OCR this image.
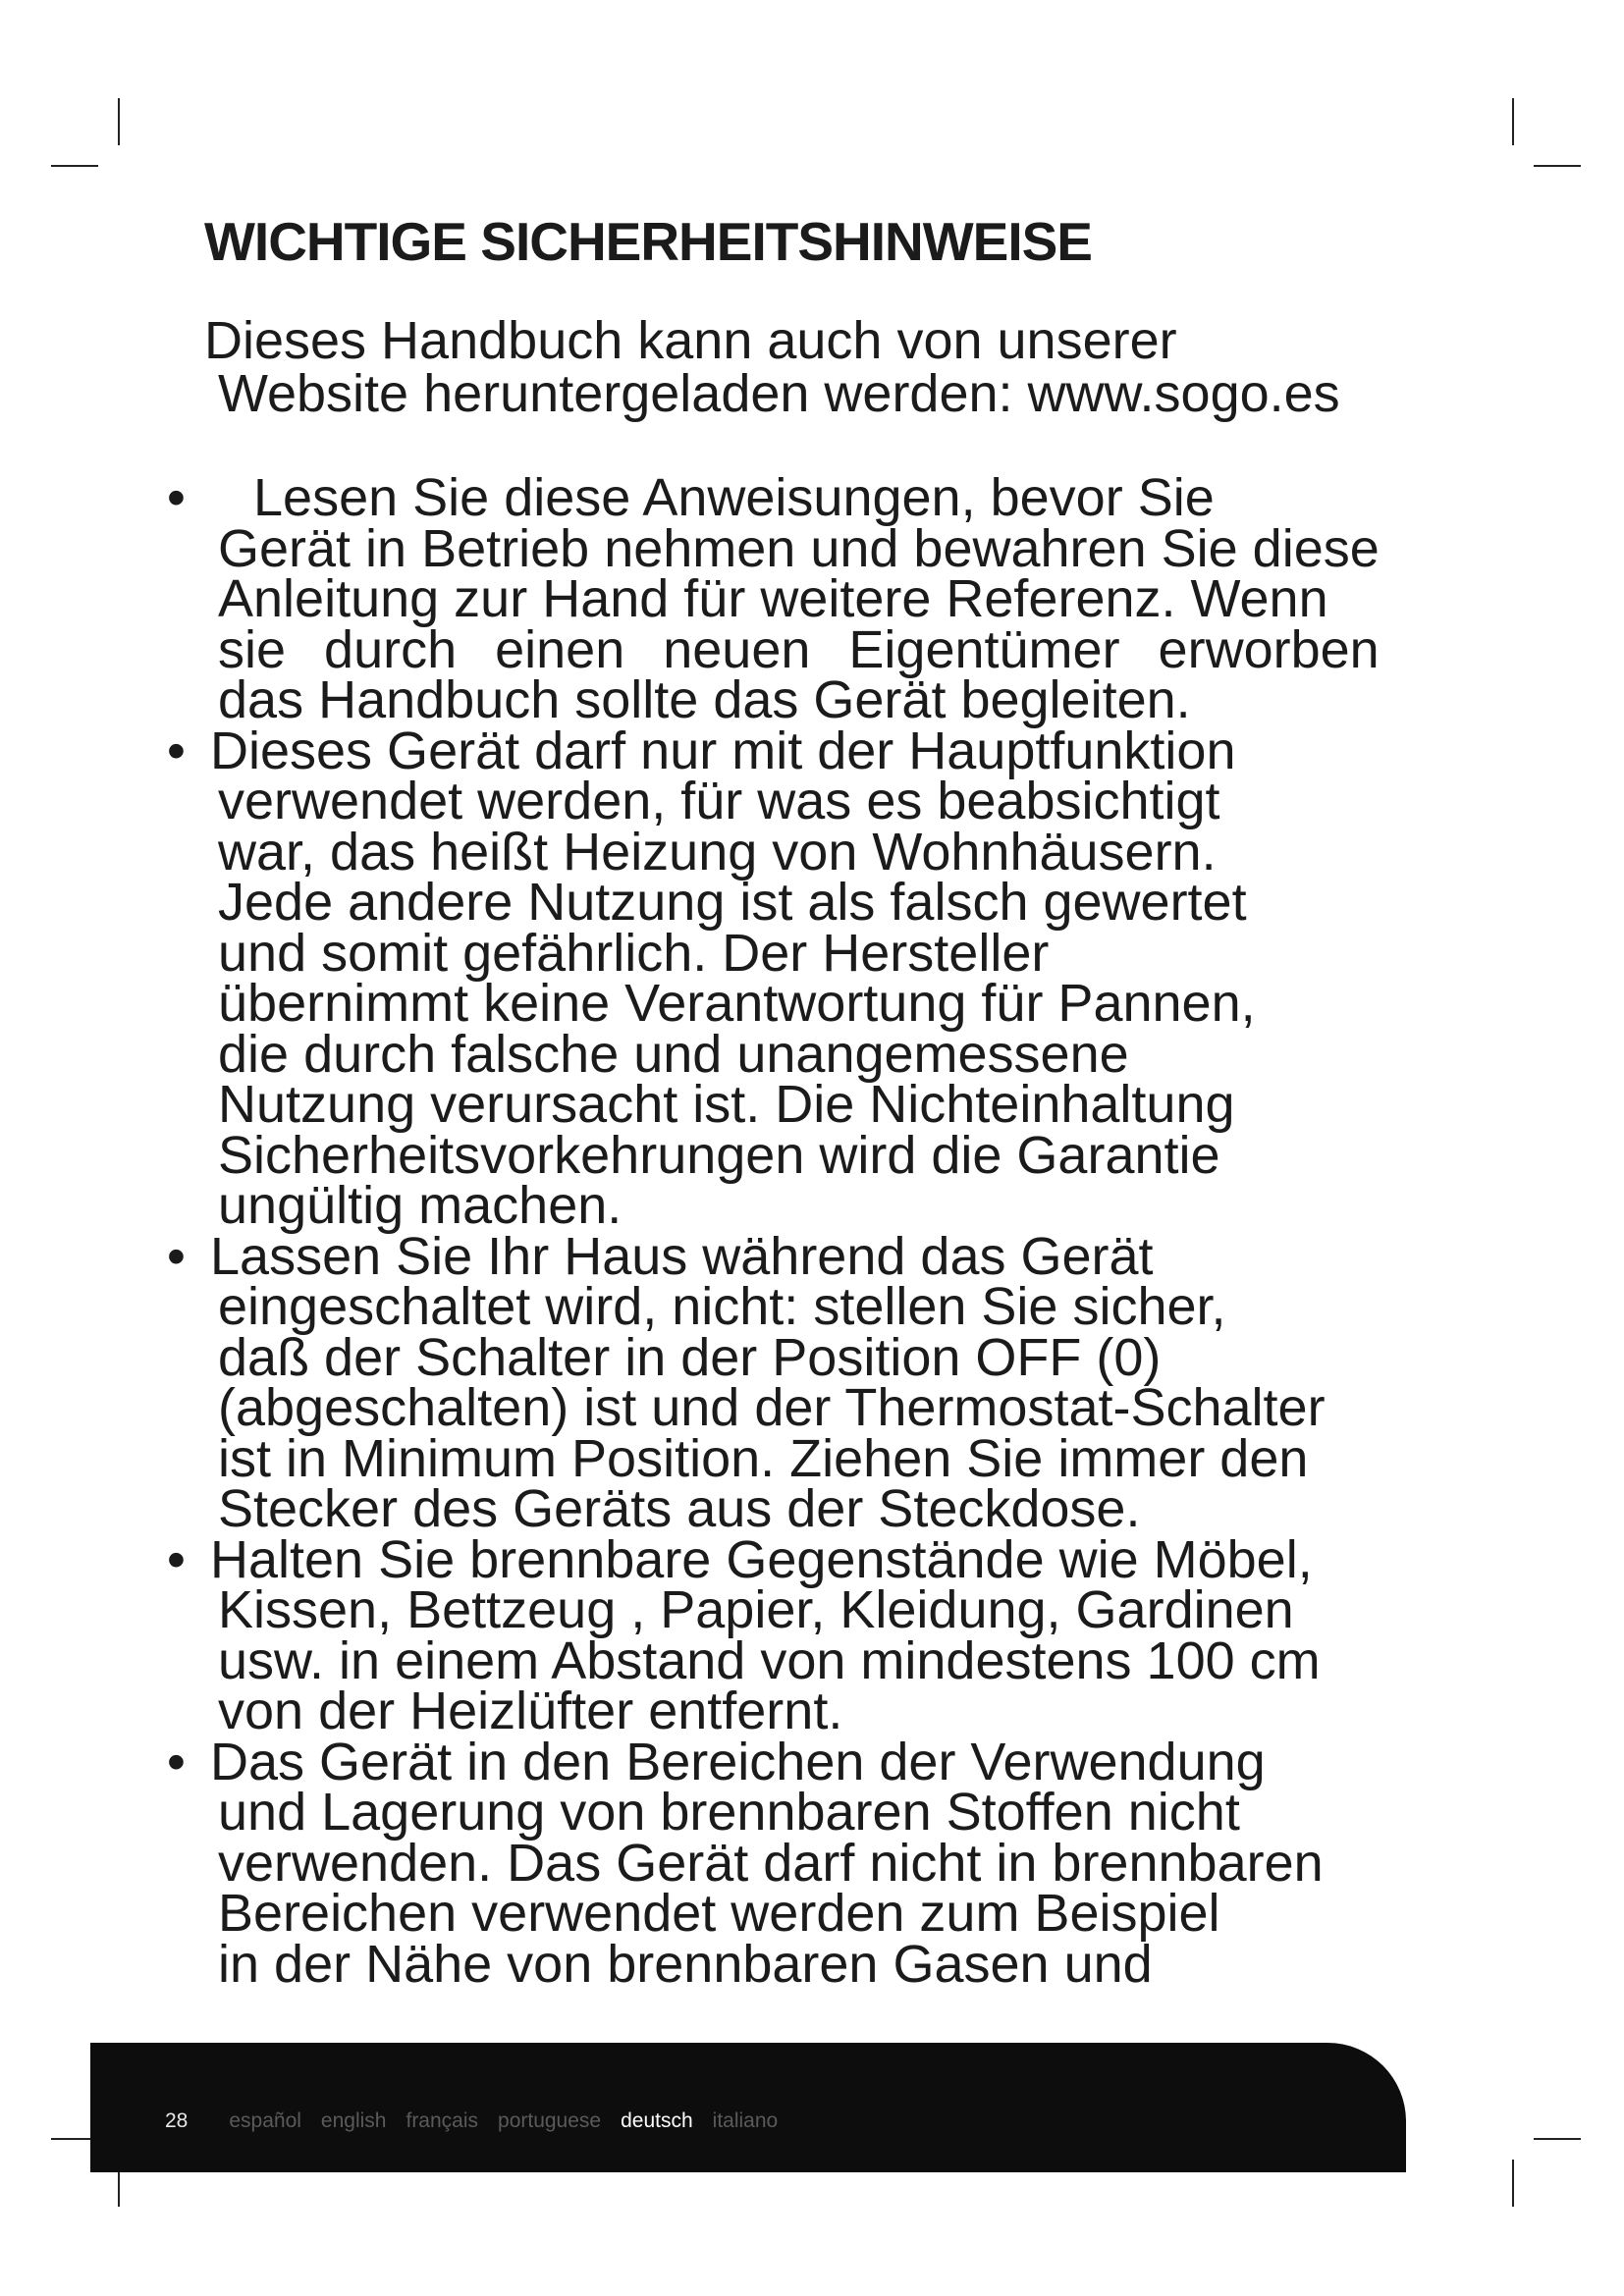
WICHTIGE SICHERHEITSHINWEISE

Dieses Handbuch kann auch von unserer
Website heruntergeladen werden: www.sogo.es

•	Lesen Sie diese Anweisungen, bevor Sie
Gerät in Betrieb nehmen und bewahren Sie diese
Anleitung zur Hand für weitere Referenz. Wenn
sie durch einen neuen Eigentümer erworben
das Handbuch sollte das Gerät begleiten.
• Dieses Gerät darf nur mit der Hauptfunktion
verwendet werden, für was es beabsichtigt
war, das heißt Heizung von Wohnhäusern.
Jede andere Nutzung ist als falsch gewertet
und somit gefährlich. Der Hersteller
übernimmt keine Verantwortung für Pannen,
die durch falsche und unangemessene
Nutzung verursacht ist. Die Nichteinhaltung
Sicherheitsvorkehrungen wird die Garantie
ungültig machen.
• Lassen Sie Ihr Haus während das Gerät
eingeschaltet wird, nicht: stellen Sie sicher,
daß der Schalter in der Position OFF (0)
(abgeschalten) ist und der Thermostat-Schalter
ist in Minimum Position. Ziehen Sie immer den
Stecker des Geräts aus der Steckdose.
• Halten Sie brennbare Gegenstände wie Möbel,
Kissen, Bettzeug , Papier, Kleidung, Gardinen
usw. in einem Abstand von mindestens 100 cm
von der Heizlüfter entfernt.
• Das Gerät in den Bereichen der Verwendung
und Lagerung von brennbaren Stoffen nicht
verwenden. Das Gerät darf nicht in brennbaren
Bereichen verwendet werden zum Beispiel
in der Nähe von brennbaren Gasen und
28 español english français portuguese deutsch italiano
